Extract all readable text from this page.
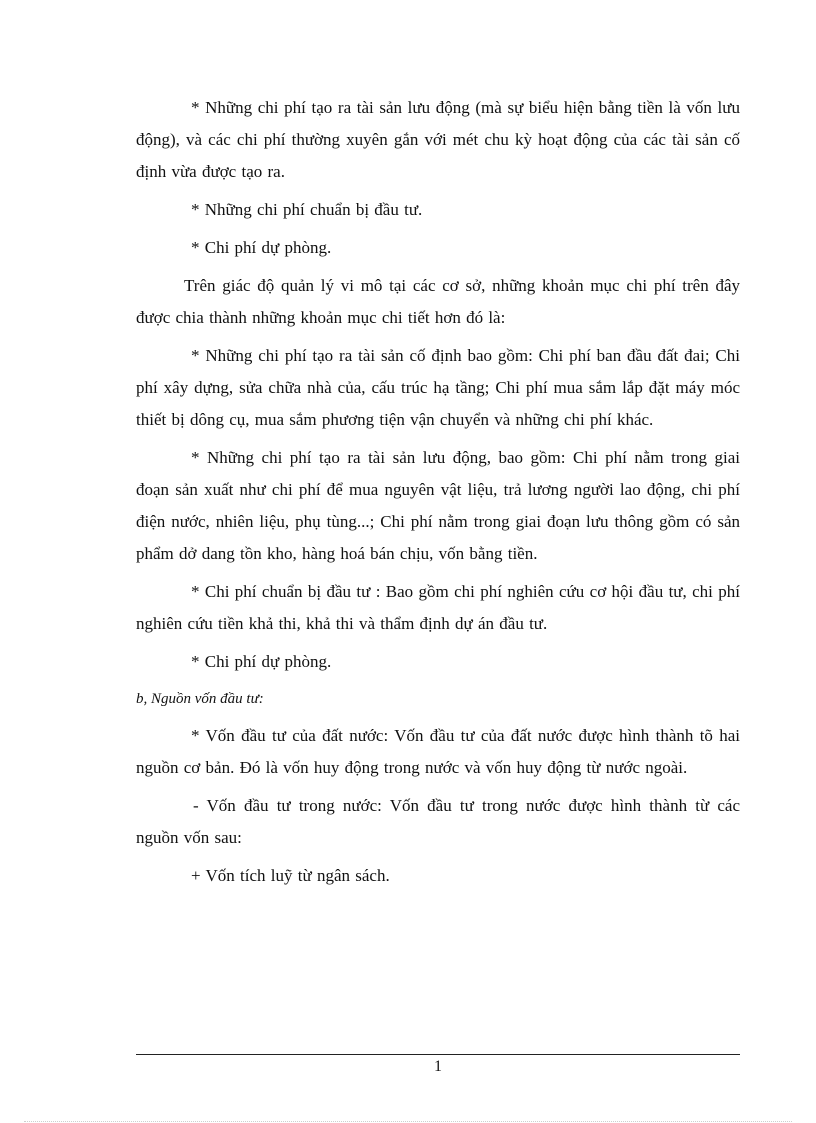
* Những chi phí tạo ra tài sản lưu động (mà sự biểu hiện bằng tiền là vốn lưu động), và các chi phí thường xuyên gắn với mét chu kỳ hoạt động của các tài sản cố định vừa được tạo ra.

* Những chi phí chuẩn bị đầu tư.

* Chi phí dự phòng.

Trên giác độ quản lý vi mô tại các cơ sở, những khoản mục chi phí trên đây được chia thành những khoản mục chi tiết hơn đó là:

* Những chi phí tạo ra tài sản cố định bao gồm: Chi phí ban đầu đất đai; Chi phí xây dựng, sửa chữa nhà của, cấu trúc hạ tầng; Chi phí mua sắm lắp đặt máy móc thiết bị dông cụ, mua sắm phương tiện vận chuyển và những chi phí khác.

* Những chi phí tạo ra tài sản lưu động, bao gồm: Chi phí nằm trong giai đoạn sản xuất như chi phí để mua nguyên vật liệu, trả lương người lao động, chi phí điện nước, nhiên liệu, phụ tùng...; Chi phí nằm trong giai đoạn lưu thông gồm có sản phẩm dở dang tồn kho, hàng hoá bán chịu, vốn bằng tiền.

* Chi phí chuẩn bị đầu tư : Bao gồm chi phí nghiên cứu cơ hội đầu tư, chi phí nghiên cứu tiền khả thi, khả thi và thẩm định dự án đầu tư.

* Chi phí dự phòng.

b, Nguồn vốn đầu tư:

* Vốn đầu tư của đất nước: Vốn đầu tư của đất nước được hình thành tõ hai nguồn cơ bản. Đó là vốn huy động trong nước và vốn huy động từ nước ngoài.

- Vốn đầu tư trong nước: Vốn đầu tư trong nước được hình thành từ các nguồn vốn sau:

+ Vốn tích luỹ từ ngân sách.

1
